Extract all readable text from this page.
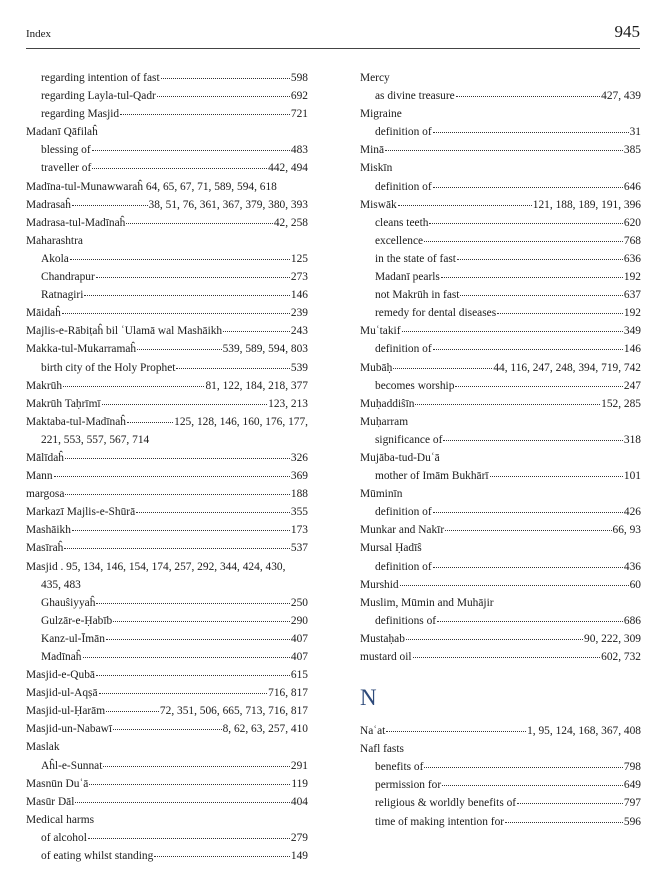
Index	945
regarding intention of fast	598
regarding Layla-tul-Qadr	692
regarding Masjid	721
Madanī Qāfilaĥ
blessing of	483
traveller of	442, 494
Madīna-tul-Munawwaraĥ 64, 65, 67, 71, 589, 594, 618
Madrasaĥ	38, 51, 76, 361, 367, 379, 380, 393
Madrasa-tul-Madīnaĥ	42, 258
Maharashtra
Akola	125
Chandrapur	273
Ratnagiri	146
Māidaĥ	239
Majlis-e-Rābiṭaĥ bil ʿUlamā wal Mashāikh	243
Makka-tul-Mukarramaĥ	539, 589, 594, 803
birth city of the Holy Prophet	539
Makrūh	81, 122, 184, 218, 377
Makrūh Taḥrīmī	123, 213
Maktaba-tul-Madīnaĥ	125, 128, 146, 160, 176, 177,
221, 553, 557, 567, 714
Mālīdaĥ	326
Mann	369
margosa	188
Markazī Majlis-e-Shūrā	355
Mashāikh	173
Masīraĥ	537
Masjid . 95, 134, 146, 154, 174, 257, 292, 344, 424, 430,
435, 483
Ghauŝiyyaĥ	250
Gulzār-e-Ḥabīb	290
Kanz-ul-Īmān	407
Madīnaĥ	407
Masjid-e-Qubā	615
Masjid-ul-Aqṣā	716, 817
Masjid-ul-Ḥarām	72, 351, 506, 665, 713, 716, 817
Masjid-un-Nabawī	8, 62, 63, 257, 410
Maslak
Aĥl-e-Sunnat	291
Masnūn Duʿā	119
Masūr Dāl	404
Medical harms
of alcohol	279
of eating whilst standing	149
Mercy
as divine treasure	427, 439
Migraine
definition of	31
Minā	385
Miskīn
definition of	646
Miswāk	121, 188, 189, 191, 396
cleans teeth	620
excellence	768
in the state of fast	636
Madanī pearls	192
not Makrūh in fast	637
remedy for dental diseases	192
Muʿtakif	349
definition of	146
Mubāḥ	44, 116, 247, 248, 394, 719, 742
becomes worship	247
Muḥaddiŝīn	152, 285
Muḥarram
significance of	318
Mujāba-tud-Duʿā
mother of Imām Bukhārī	101
Mūminīn
definition of	426
Munkar and Nakīr	66, 93
Mursal Ḥadīŝ
definition of	436
Murshid	60
Muslim, Mūmin and Muhājir
definitions of	686
Mustaḥab	90, 222, 309
mustard oil	602, 732
N
Naʿat	1, 95, 124, 168, 367, 408
Nafl fasts
benefits of	798
permission for	649
religious & worldly benefits of	797
time of making intention for	596
